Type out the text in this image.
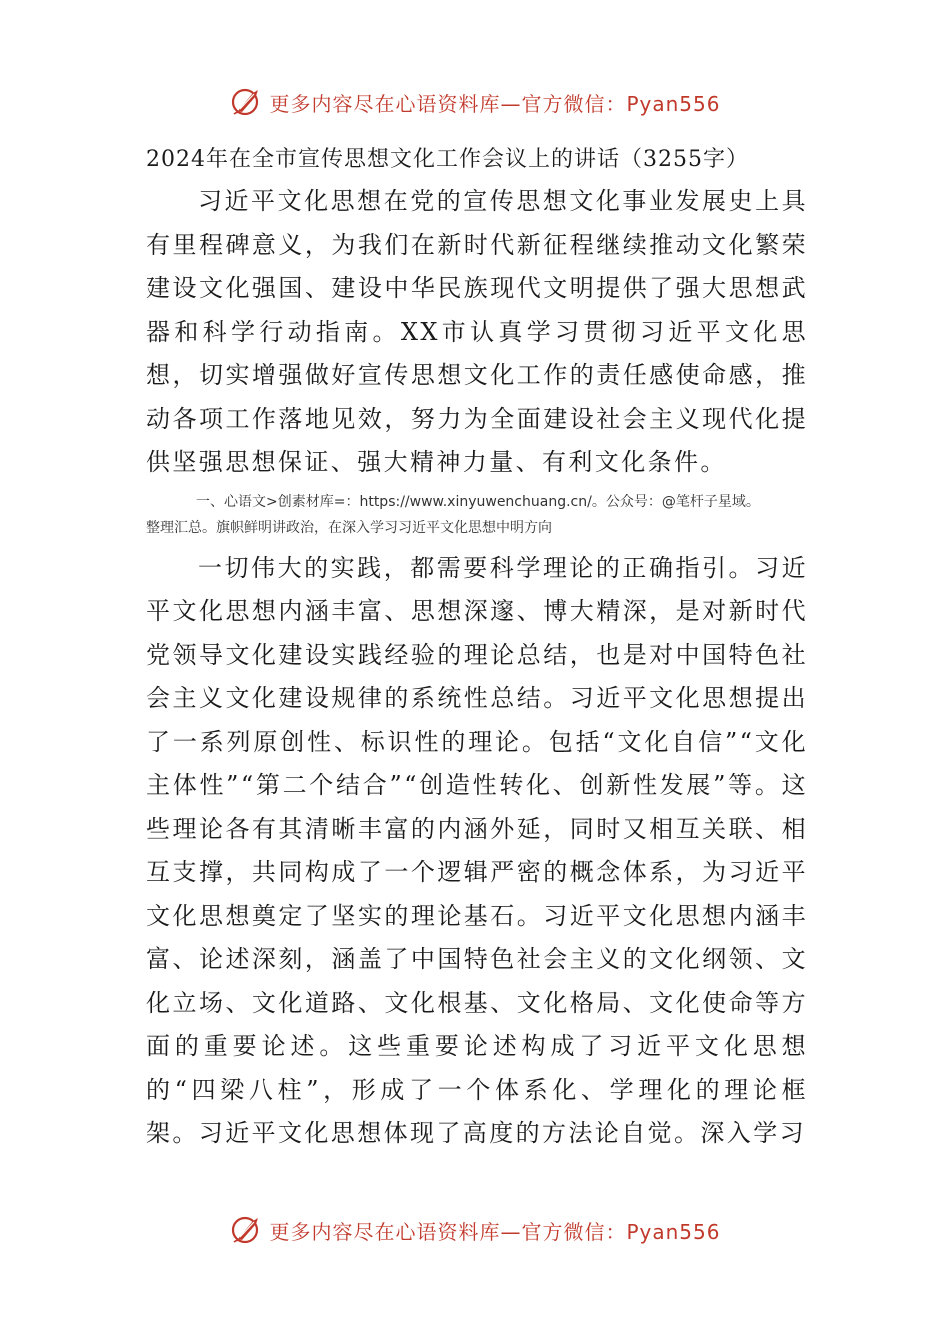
更多内容尽在心语资料库—官方微信：Pyan556
2024年在全市宣传思想文化工作会议上的讲话（3255字）

习近平文化思想在党的宣传思想文化事业发展史上具有里程碑意义，为我们在新时代新征程继续推动文化繁荣建设文化强国、建设中华民族现代文明提供了强大思想武器和科学行动指南。XX市认真学习贯彻习近平文化思想，切实增强做好宣传思想文化工作的责任感使命感，推动各项工作落地见效，努力为全面建设社会主义现代化提供坚强思想保证、强大精神力量、有利文化条件。

一、心语文>创素材库=：https://www.xinyuwenchuang.cn/。公众号：@笔杆子星域。
整理汇总。旗帜鲜明讲政治，在深入学习习近平文化思想中明方向

一切伟大的实践，都需要科学理论的正确指引。习近平文化思想内涵丰富、思想深邃、博大精深，是对新时代党领导文化建设实践经验的理论总结，也是对中国特色社会主义文化建设规律的系统性总结。习近平文化思想提出了一系列原创性、标识性的理论。包括“文化自信”“文化主体性”“第二个结合”“创造性转化、创新性发展”等。这些理论各有其清晰丰富的内涵外延，同时又相互关联、相互支撑，共同构成了一个逻辑严密的概念体系，为习近平文化思想奠定了坚实的理论基石。习近平文化思想内涵丰富、论述深刻，涵盖了中国特色社会主义的文化纲领、文化立场、文化道路、文化根基、文化格局、文化使命等方面的重要论述。这些重要论述构成了习近平文化思想的“四梁八柱”，形成了一个体系化、学理化的理论框架。习近平文化思想体现了高度的方法论自觉。深入学习

更多内容尽在心语资料库—官方微信：Pyan556
